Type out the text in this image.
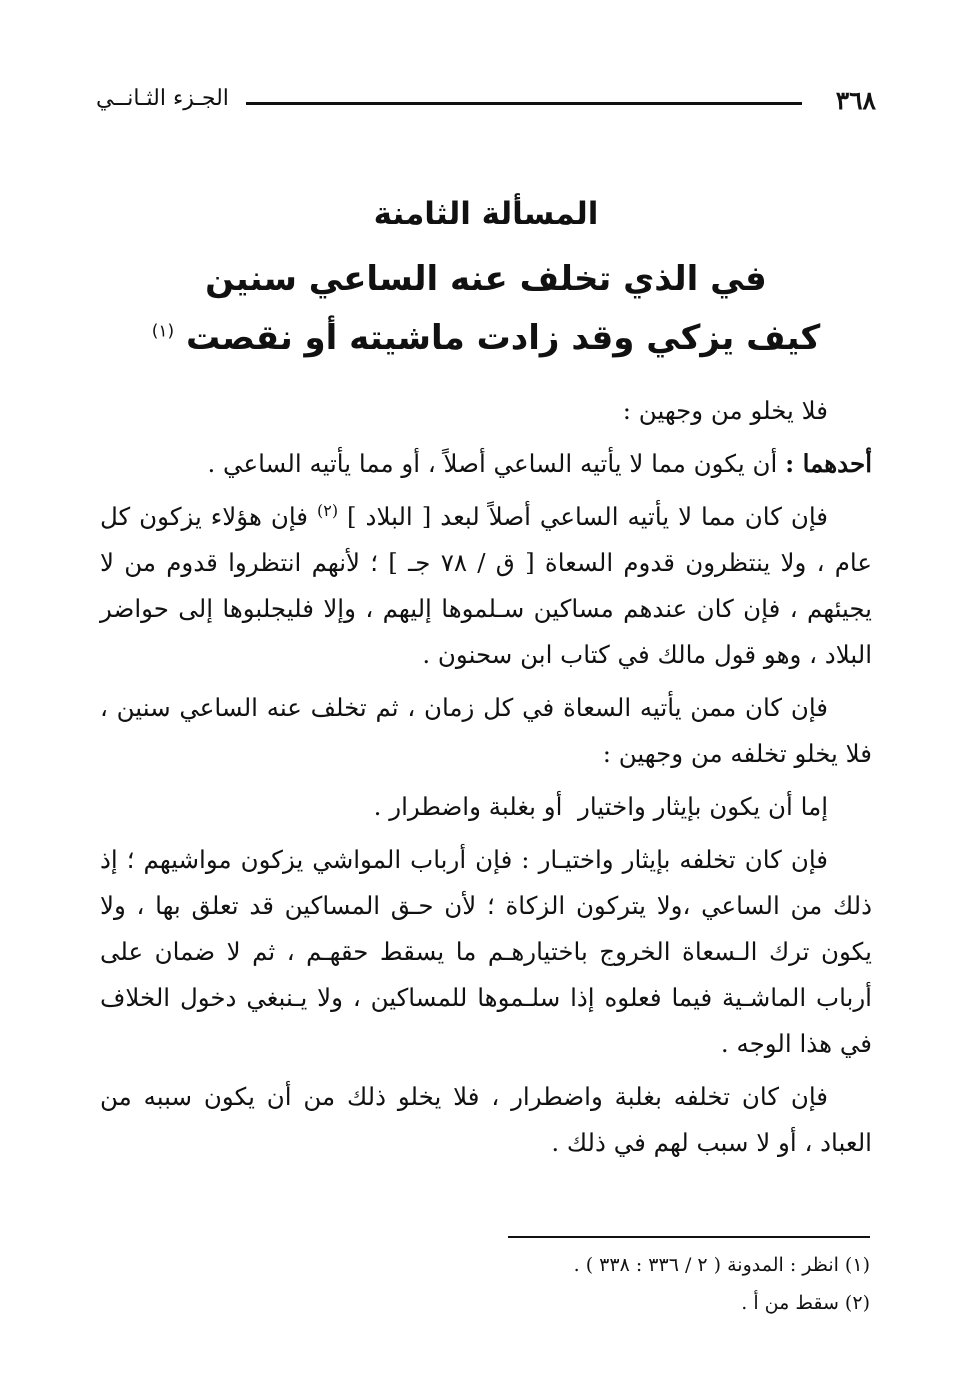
٣٦٨
الجـزء الثـانــي
المسألة الثامنة
في الذي تخلف عنه الساعي سنين
كيف يزكي وقد زادت ماشيته أو نقصت $^{(١)}$

فلا يخلو من وجهين :

أحدهما : أن يكون مما لا يأتيه الساعي أصلاً ، أو مما يأتيه الساعي .

فإن كان مما لا يأتيه الساعي أصلاً لبعد [ البلاد ] $^{(٢)}$ فإن هؤلاء يزكون كل عام ، ولا ينتظرون قدوم السعاة [ ق / ٧٨ جـ ] ؛ لأنهم انتظروا قدوم من لا يجيئهم ، فإن كان عندهم مساكين سـلموها إليهم ، وإلا فليجلبوها إلى حواضر البلاد ، وهو قول مالك في كتاب ابن سحنون .

فإن كان ممن يأتيه السعاة في كل زمان ، ثم تخلف عنه الساعي سنين ، فلا يخلو تخلفه من وجهين :

إما أن يكون بإيثار واختيار  أو بغلبة واضطرار .

فإن كان تخلفه بإيثار واختيـار : فإن أرباب المواشي يزكون مواشيهم ؛ إذ ذلك من الساعي ،ولا يتركون الزكاة ؛ لأن حـق المساكين قد تعلق بها ، ولا يكون ترك الـسعاة الخروج باختيارهـم ما يسقط حقهـم ، ثم لا ضمان على أرباب الماشـية فيما فعلوه إذا سلـموها للمساكين ، ولا يـنبغي دخول الخلاف في هذا الوجه .

فإن كان تخلفه بغلبة واضطرار ، فلا يخلو ذلك من أن يكون سببه من العباد ، أو لا سبب لهم في ذلك .

(١) انظر : المدونة ( ٢ / ٣٣٦ : ٣٣٨ ) .
(٢) سقط من أ .
